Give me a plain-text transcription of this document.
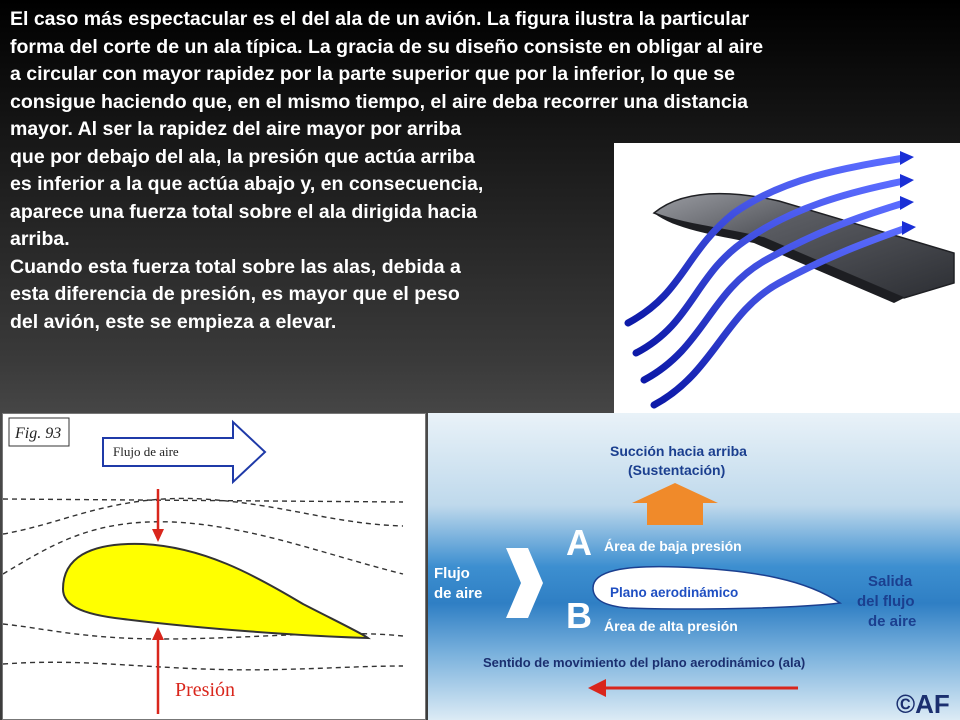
El caso más espectacular es el del ala de un avión. La figura ilustra la particular
forma del corte de un ala típica. La gracia de su diseño consiste en obligar al aire
a circular con mayor rapidez por la parte superior que por la inferior, lo que se
consigue haciendo que, en el mismo tiempo, el aire deba recorrer una distancia
mayor. Al ser la rapidez del aire mayor por arriba
que por debajo del ala, la presión que actúa arriba
es inferior a la que actúa abajo y, en consecuencia,
aparece una fuerza total sobre el ala dirigida hacia
arriba.
Cuando esta fuerza total sobre las alas, debida a
esta diferencia de presión, es mayor que el peso
del avión, este se empieza a elevar.
Fig. 93
Flujo de aire
Presión
Succión hacia arriba
(Sustentación)
A Área de baja presión
Flujo
de aire	Plano aerodinámico
B Área de alta presión
Salida
del flujo
de aire
Sentido de movimiento del plano aerodinámico (ala)
©AF
